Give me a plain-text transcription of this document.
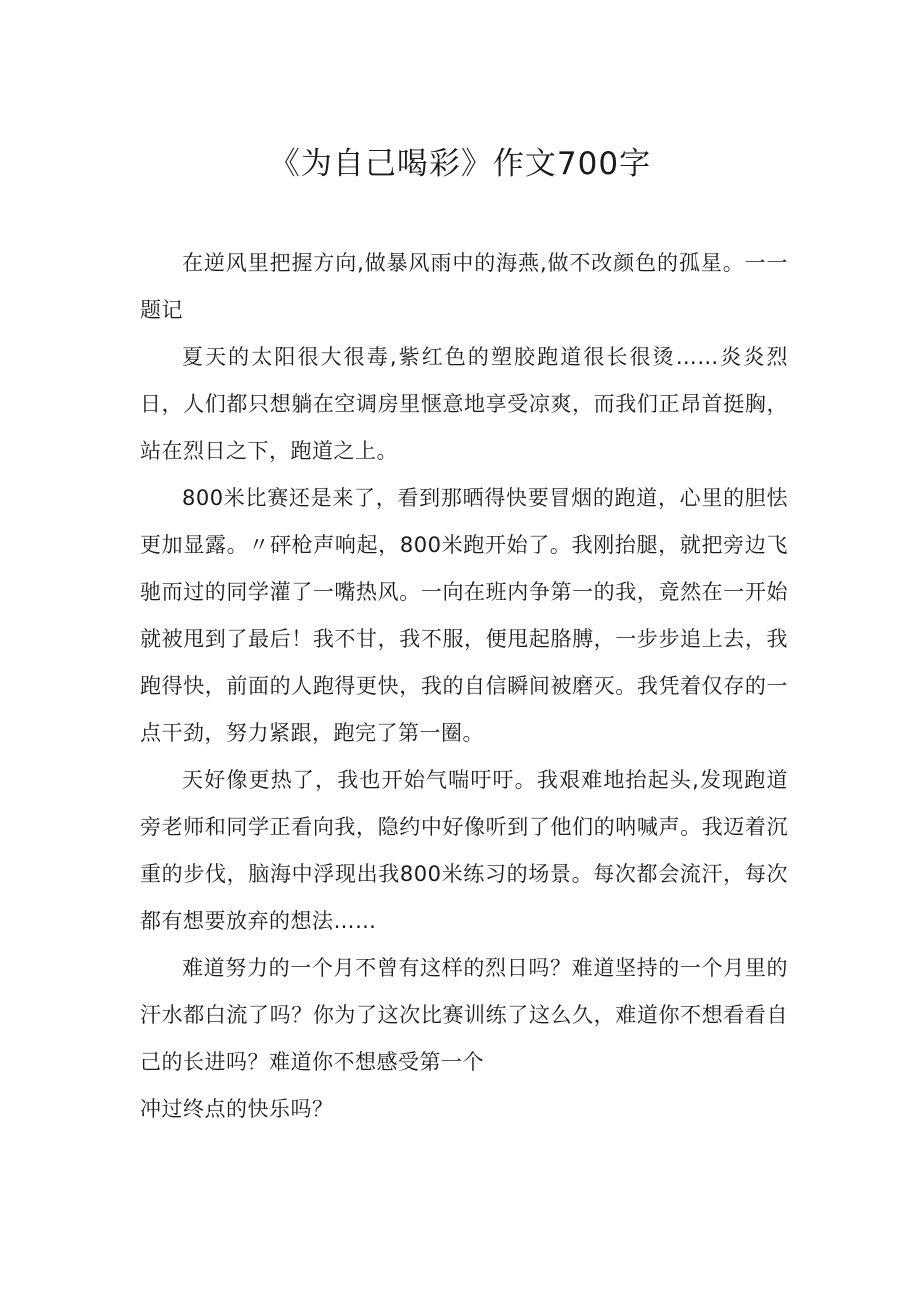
《为自己喝彩》作文700字

在逆风里把握方向,做暴风雨中的海燕,做不改颜色的孤星。一一题记

夏天的太阳很大很毒,紫红色的塑胶跑道很长很烫……炎炎烈日，人们都只想躺在空调房里惬意地享受凉爽，而我们正昂首挺胸，站在烈日之下，跑道之上。

800米比赛还是来了，看到那晒得快要冒烟的跑道，心里的胆怯更加显露。〃砰枪声响起，800米跑开始了。我刚抬腿，就把旁边飞驰而过的同学灌了一嘴热风。一向在班内争第一的我，竟然在一开始就被甩到了最后！我不甘，我不服，便甩起胳膊，一步步追上去，我跑得快，前面的人跑得更快，我的自信瞬间被磨灭。我凭着仅存的一点干劲，努力紧跟，跑完了第一圈。

天好像更热了，我也开始气喘吁吁。我艰难地抬起头,发现跑道旁老师和同学正看向我，隐约中好像听到了他们的呐喊声。我迈着沉重的步伐，脑海中浮现出我800米练习的场景。每次都会流汗，每次都有想要放弃的想法……

难道努力的一个月不曾有这样的烈日吗？难道坚持的一个月里的汗水都白流了吗？你为了这次比赛训练了这么久，难道你不想看看自己的长进吗？难道你不想感受第一个

冲过终点的快乐吗？
